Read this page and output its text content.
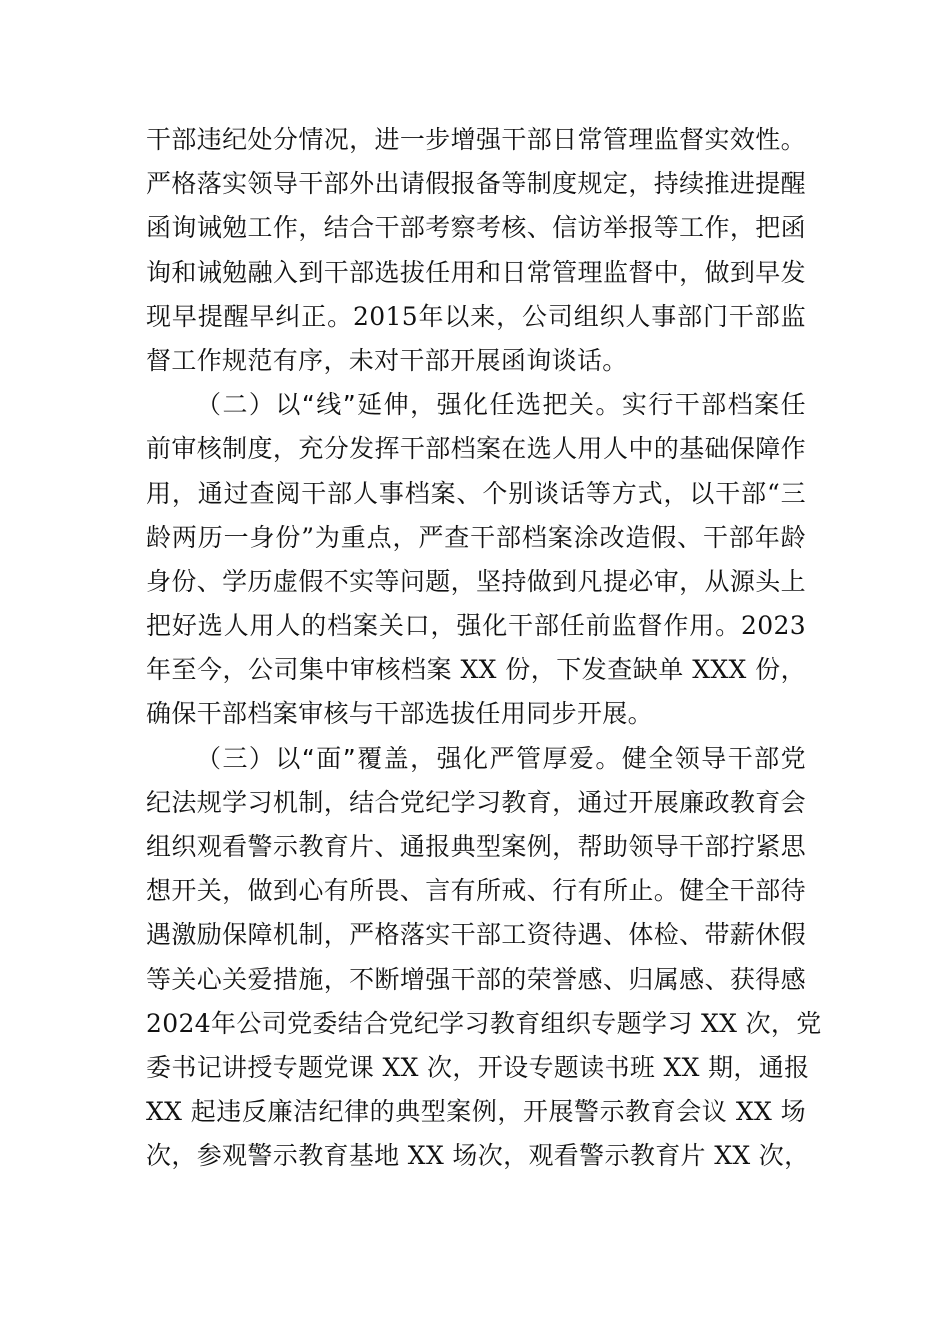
干部违纪处分情况，进一步增强干部日常管理监督实效性。
严格落实领导干部外出请假报备等制度规定，持续推进提醒
函询诫勉工作，结合干部考察考核、信访举报等工作，把函
询和诫勉融入到干部选拔任用和日常管理监督中，做到早发
现早提醒早纠正。2015年以来，公司组织人事部门干部监
督工作规范有序，未对干部开展函询谈话。
（二）以“线”延伸，强化任选把关。实行干部档案任
前审核制度，充分发挥干部档案在选人用人中的基础保障作
用，通过查阅干部人事档案、个别谈话等方式，以干部“三
龄两历一身份”为重点，严查干部档案涂改造假、干部年龄
身份、学历虚假不实等问题，坚持做到凡提必审，从源头上
把好选人用人的档案关口，强化干部任前监督作用。2023
年至今，公司集中审核档案 XX 份，下发查缺单 XXX 份，
确保干部档案审核与干部选拔任用同步开展。
（三）以“面”覆盖，强化严管厚爱。健全领导干部党
纪法规学习机制，结合党纪学习教育，通过开展廉政教育会
组织观看警示教育片、通报典型案例，帮助领导干部拧紧思
想开关，做到心有所畏、言有所戒、行有所止。健全干部待
遇激励保障机制，严格落实干部工资待遇、体检、带薪休假
等关心关爱措施，不断增强干部的荣誉感、归属感、获得感
2024年公司党委结合党纪学习教育组织专题学习 XX 次，党
委书记讲授专题党课 XX 次，开设专题读书班 XX 期，通报
XX 起违反廉洁纪律的典型案例，开展警示教育会议 XX 场
次，参观警示教育基地 XX 场次，观看警示教育片 XX 次，
